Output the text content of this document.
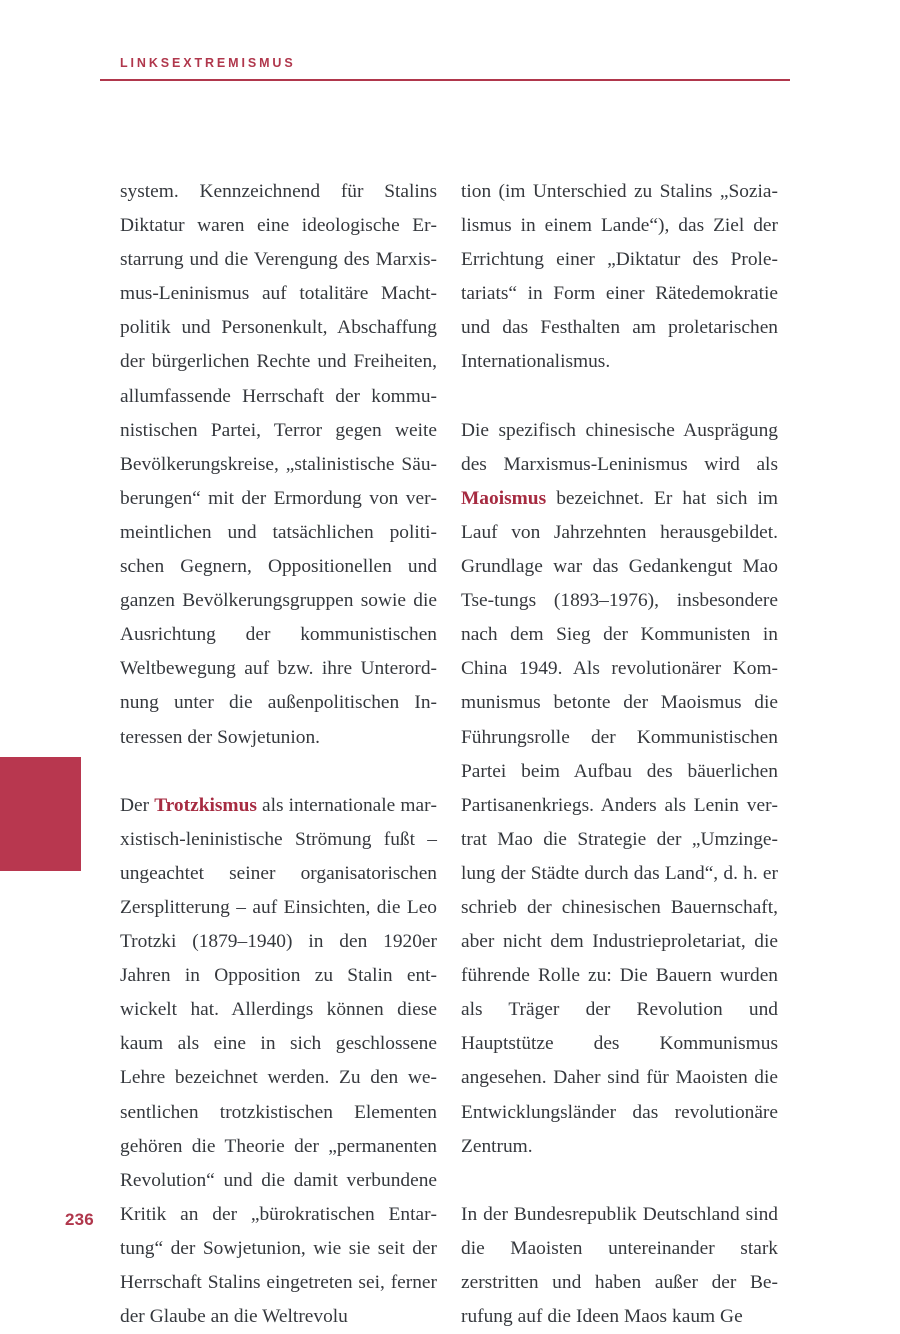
LINKSEXTREMISMUS

system. Kennzeichnend für Stalins Diktatur waren eine ideologische Erstarrung und die Verengung des Marxismus-Leninismus auf totalitäre Machtpolitik und Personenkult, Abschaffung der bürgerlichen Rechte und Freiheiten, allumfassende Herrschaft der kommunistischen Partei, Terror gegen weite Bevölkerungskreise, „stalinistische Säuberungen“ mit der Ermordung von vermeintlichen und tatsächlichen politischen Gegnern, Oppositionellen und ganzen Bevölkerungsgruppen sowie die Ausrichtung der kommunistischen Weltbewegung auf bzw. ihre Unterordnung unter die außenpolitischen Interessen der Sowjetunion.

Der Trotzkismus als internationale marxistisch-leninistische Strömung fußt – ungeachtet seiner organisatorischen Zersplitterung – auf Einsichten, die Leo Trotzki (1879–1940) in den 1920er Jahren in Opposition zu Stalin entwickelt hat. Allerdings können diese kaum als eine in sich geschlossene Lehre bezeichnet werden. Zu den wesentlichen trotzkistischen Elementen gehören die Theorie der „permanenten Revolution“ und die damit verbundene Kritik an der „bürokratischen Entartung“ der Sowjetunion, wie sie seit der Herrschaft Stalins eingetreten sei, ferner der Glaube an die Weltrevolu

tion (im Unterschied zu Stalins „Sozialismus in einem Lande“), das Ziel der Errichtung einer „Diktatur des Proletariats“ in Form einer Rätedemokratie und das Festhalten am proletarischen Internationalismus.

Die spezifisch chinesische Ausprägung des Marxismus-Leninismus wird als Maoismus bezeichnet. Er hat sich im Lauf von Jahrzehnten herausgebildet. Grundlage war das Gedankengut Mao Tse-tungs (1893–1976), insbesondere nach dem Sieg der Kommunisten in China 1949. Als revolutionärer Kommunismus betonte der Maoismus die Führungsrolle der Kommunistischen Partei beim Aufbau des bäuerlichen Partisanenkriegs. Anders als Lenin vertrat Mao die Strategie der „Umzingelung der Städte durch das Land“, d. h. er schrieb der chinesischen Bauernschaft, aber nicht dem Industrieproletariat, die führende Rolle zu: Die Bauern wurden als Träger der Revolution und Hauptstütze des Kommunismus angesehen. Daher sind für Maoisten die Entwicklungsländer das revolutionäre Zentrum.

In der Bundesrepublik Deutschland sind die Maoisten untereinander stark zerstritten und haben außer der Berufung auf die Ideen Maos kaum Ge

236
